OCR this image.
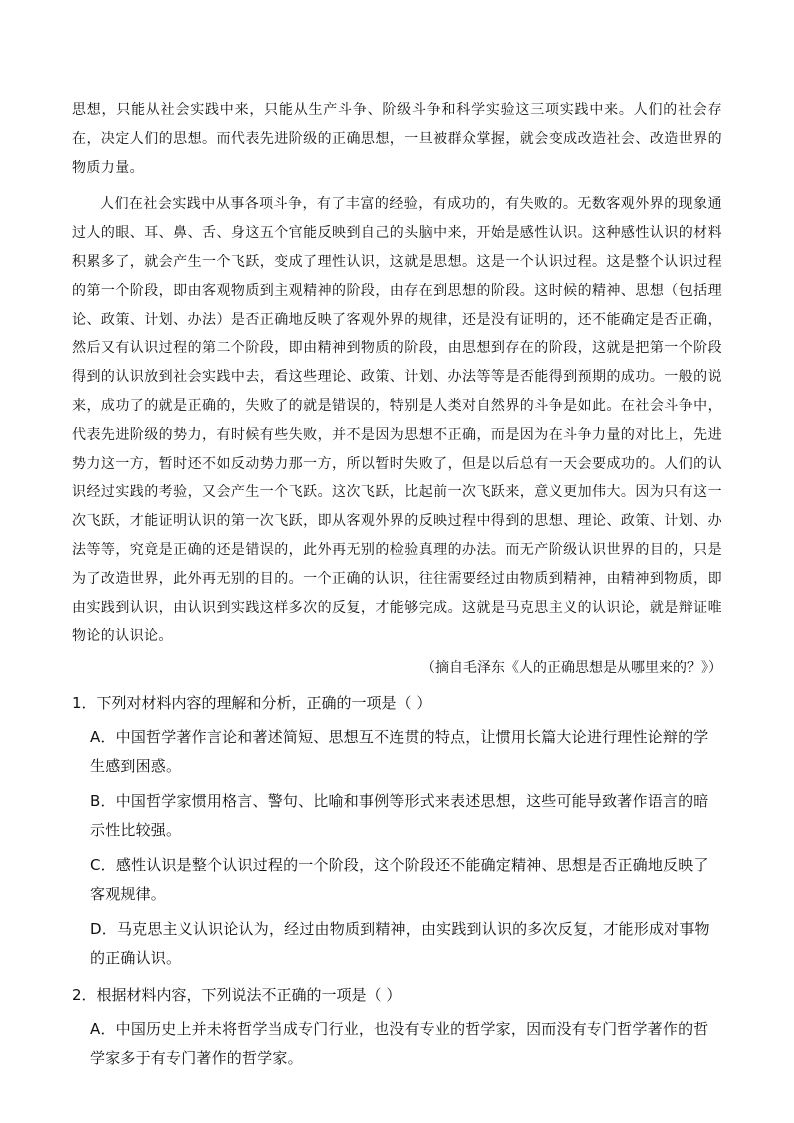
思想，只能从社会实践中来，只能从生产斗争、阶级斗争和科学实验这三项实践中来。人们的社会存在，决定人们的思想。而代表先进阶级的正确思想，一旦被群众掌握，就会变成改造社会、改造世界的物质力量。

人们在社会实践中从事各项斗争，有了丰富的经验，有成功的，有失败的。无数客观外界的现象通过人的眼、耳、鼻、舌、身这五个官能反映到自己的头脑中来，开始是感性认识。这种感性认识的材料积累多了，就会产生一个飞跃，变成了理性认识，这就是思想。这是一个认识过程。这是整个认识过程的第一个阶段，即由客观物质到主观精神的阶段，由存在到思想的阶段。这时候的精神、思想（包括理论、政策、计划、办法）是否正确地反映了客观外界的规律，还是没有证明的，还不能确定是否正确，然后又有认识过程的第二个阶段，即由精神到物质的阶段，由思想到存在的阶段，这就是把第一个阶段得到的认识放到社会实践中去，看这些理论、政策、计划、办法等等是否能得到预期的成功。一般的说来，成功了的就是正确的，失败了的就是错误的，特别是人类对自然界的斗争是如此。在社会斗争中，代表先进阶级的势力，有时候有些失败，并不是因为思想不正确，而是因为在斗争力量的对比上，先进势力这一方，暂时还不如反动势力那一方，所以暂时失败了，但是以后总有一天会要成功的。人们的认识经过实践的考验，又会产生一个飞跃。这次飞跃，比起前一次飞跃来，意义更加伟大。因为只有这一次飞跃，才能证明认识的第一次飞跃，即从客观外界的反映过程中得到的思想、理论、政策、计划、办法等等，究竟是正确的还是错误的，此外再无别的检验真理的办法。而无产阶级认识世界的目的，只是为了改造世界，此外再无别的目的。一个正确的认识，往往需要经过由物质到精神，由精神到物质，即由实践到认识，由认识到实践这样多次的反复，才能够完成。这就是马克思主义的认识论，就是辩证唯物论的认识论。

（摘自毛泽东《人的正确思想是从哪里来的？》）

1．下列对材料内容的理解和分析，正确的一项是（ ）

A．中国哲学著作言论和著述简短、思想互不连贯的特点，让惯用长篇大论进行理性论辩的学生感到困惑。

B．中国哲学家惯用格言、警句、比喻和事例等形式来表述思想，这些可能导致著作语言的暗示性比较强。

C．感性认识是整个认识过程的一个阶段，这个阶段还不能确定精神、思想是否正确地反映了客观规律。

D．马克思主义认识论认为，经过由物质到精神，由实践到认识的多次反复，才能形成对事物的正确认识。

2．根据材料内容，下列说法不正确的一项是（ ）

A．中国历史上并未将哲学当成专门行业，也没有专业的哲学家，因而没有专门哲学著作的哲学家多于有专门著作的哲学家。
